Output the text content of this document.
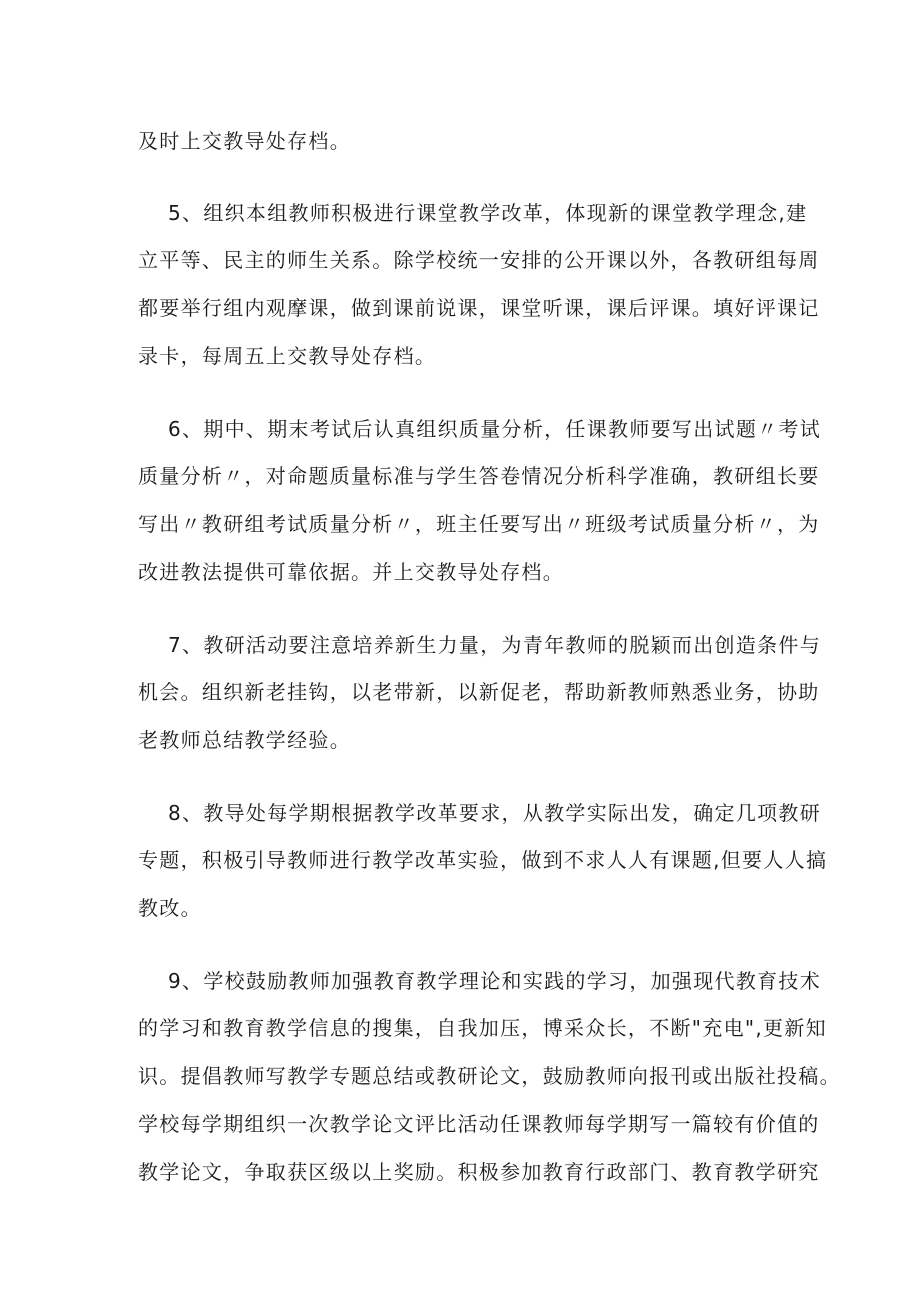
及时上交教导处存档。
5、组织本组教师积极进行课堂教学改革，体现新的课堂教学理念,建
立平等、民主的师生关系。除学校统一安排的公开课以外，各教研组每周
都要举行组内观摩课，做到课前说课，课堂听课，课后评课。填好评课记
录卡，每周五上交教导处存档。
6、期中、期末考试后认真组织质量分析，任课教师要写出试题〃考试
质量分析〃，对命题质量标准与学生答卷情况分析科学准确，教研组长要
写出〃教研组考试质量分析〃，班主任要写出〃班级考试质量分析〃，为
改进教法提供可靠依据。并上交教导处存档。
7、教研活动要注意培养新生力量，为青年教师的脱颖而出创造条件与
机会。组织新老挂钩，以老带新，以新促老，帮助新教师熟悉业务，协助
老教师总结教学经验。
8、教导处每学期根据教学改革要求，从教学实际出发，确定几项教研
专题，积极引导教师进行教学改革实验，做到不求人人有课题,但要人人搞
教改。
9、学校鼓励教师加强教育教学理论和实践的学习，加强现代教育技术
的学习和教育教学信息的搜集，自我加压，博采众长，不断"充电",更新知
识。提倡教师写教学专题总结或教研论文，鼓励教师向报刊或出版社投稿。
学校每学期组织一次教学论文评比活动任课教师每学期写一篇较有价值的
教学论文，争取获区级以上奖励。积极参加教育行政部门、教育教学研究
